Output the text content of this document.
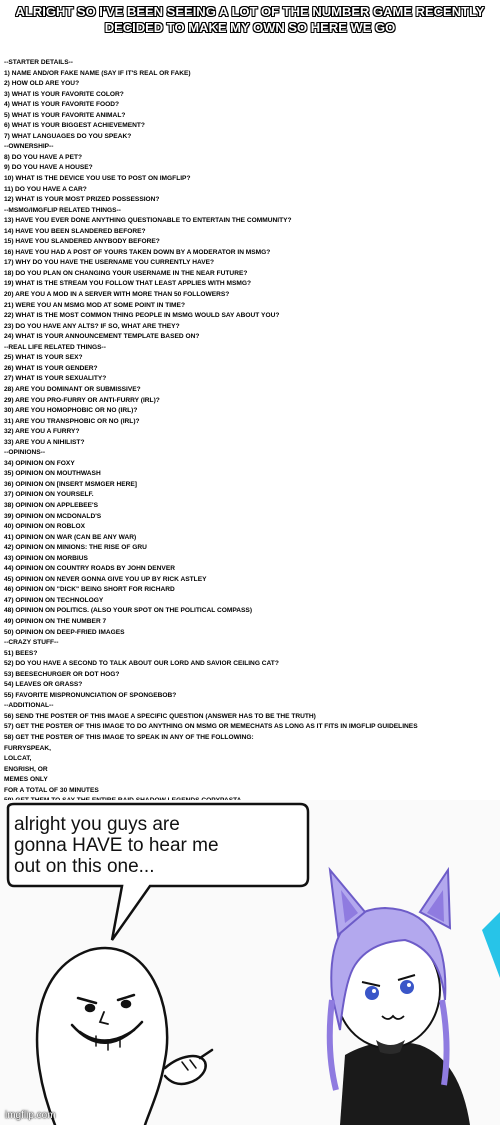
ALRIGHT SO I'VE BEEN SEEING A LOT OF THE NUMBER GAME RECENTLY
DECIDED TO MAKE MY OWN SO HERE WE GO
--STARTER DETAILS--
1) NAME AND/OR FAKE NAME (SAY IF IT'S REAL OR FAKE)
2) HOW OLD ARE YOU?
3) WHAT IS YOUR FAVORITE COLOR?
4) WHAT IS YOUR FAVORITE FOOD?
5) WHAT IS YOUR FAVORITE ANIMAL?
6) WHAT IS YOUR BIGGEST ACHIEVEMENT?
7) WHAT LANGUAGES DO YOU SPEAK?
--OWNERSHIP--
8) DO YOU HAVE A PET?
9) DO YOU HAVE A HOUSE?
10) WHAT IS THE DEVICE YOU USE TO POST ON IMGFLIP?
11) DO YOU HAVE A CAR?
12) WHAT IS YOUR MOST PRIZED POSSESSION?
--MSMG/IMGFLIP RELATED THINGS--
13) HAVE YOU EVER DONE ANYTHING QUESTIONABLE TO ENTERTAIN THE COMMUNITY?
14) HAVE YOU BEEN SLANDERED BEFORE?
15) HAVE YOU SLANDERED ANYBODY BEFORE?
16) HAVE YOU HAD A POST OF YOURS TAKEN DOWN BY A MODERATOR IN MSMG?
17) WHY DO YOU HAVE THE USERNAME YOU CURRENTLY HAVE?
18) DO YOU PLAN ON CHANGING YOUR USERNAME IN THE NEAR FUTURE?
19) WHAT IS THE STREAM YOU FOLLOW THAT LEAST APPLIES WITH MSMG?
20) ARE YOU A MOD IN A SERVER WITH MORE THAN 50 FOLLOWERS?
21) WERE YOU AN MSMG MOD AT SOME POINT IN TIME?
22) WHAT IS THE MOST COMMON THING PEOPLE IN MSMG WOULD SAY ABOUT YOU?
23) DO YOU HAVE ANY ALTS? IF SO, WHAT ARE THEY?
24) WHAT IS YOUR ANNOUNCEMENT TEMPLATE BASED ON?
--REAL LIFE RELATED THINGS--
25) WHAT IS YOUR SEX?
26) WHAT IS YOUR GENDER?
27) WHAT IS YOUR SEXUALITY?
28) ARE YOU DOMINANT OR SUBMISSIVE?
29) ARE YOU PRO-FURRY OR ANTI-FURRY (IRL)?
30) ARE YOU HOMOPHOBIC OR NO (IRL)?
31) ARE YOU TRANSPHOBIC OR NO (IRL)?
32) ARE YOU A FURRY?
33) ARE YOU A NIHILIST?
--OPINIONS--
34) OPINION ON FOXY
35) OPINION ON MOUTHWASH
36) OPINION ON [INSERT MSMGER HERE]
37) OPINION ON YOURSELF.
38) OPINION ON APPLEBEE'S
39) OPINION ON MCDONALD'S
40) OPINION ON ROBLOX
41) OPINION ON WAR (CAN BE ANY WAR)
42) OPINION ON MINIONS: THE RISE OF GRU
43) OPINION ON MORBIUS
44) OPINION ON COUNTRY ROADS BY JOHN DENVER
45) OPINION ON NEVER GONNA GIVE YOU UP BY RICK ASTLEY
46) OPINION ON "DICK" BEING SHORT FOR RICHARD
47) OPINION ON TECHNOLOGY
48) OPINION ON POLITICS. (ALSO YOUR SPOT ON THE POLITICAL COMPASS)
49) OPINION ON THE NUMBER 7
50) OPINION ON DEEP-FRIED IMAGES
--CRAZY STUFF--
51) BEES?
52) DO YOU HAVE A SECOND TO TALK ABOUT OUR LORD AND SAVIOR CEILING CAT?
53) BEESECHURGER OR DOT HOG?
54) LEAVES OR GRASS?
55) FAVORITE MISPRONUNCIATION OF SPONGEBOB?
--ADDITIONAL--
56) SEND THE POSTER OF THIS IMAGE A SPECIFIC QUESTION (ANSWER HAS TO BE THE TRUTH)
57) GET THE POSTER OF THIS IMAGE TO DO ANYTHING ON MSMG OR MEMECHATS AS LONG AS IT FITS IN IMGFLIP GUIDELINES
58) GET THE POSTER OF THIS IMAGE TO SPEAK IN ANY OF THE FOLLOWING:
FURRYSPEAK,
LOLCAT,
ENGRISH, OR
MEMES ONLY
FOR A TOTAL OF 30 MINUTES
alright you guys are
gonna HAVE to hear me
out on this one...
imgflip.com
